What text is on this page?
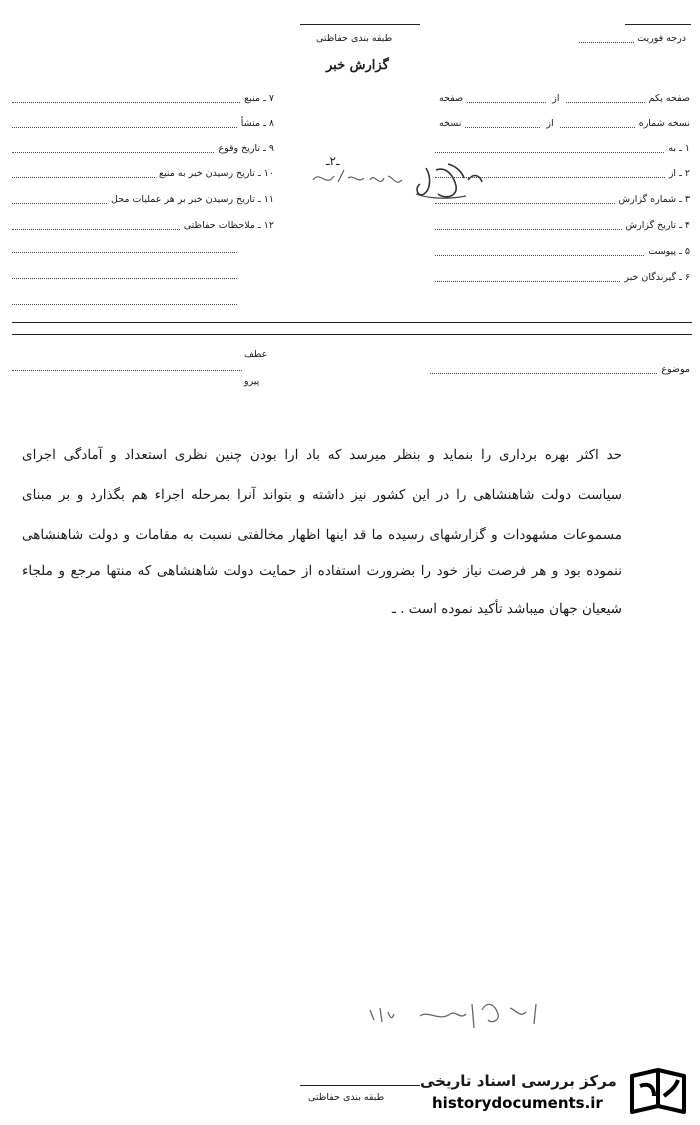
طبقه بندی حفاظتی	درجه فوریت
گزارش خبر
صفحه یکم
از
صفحه
نسخه شماره
از
نسخه
۱ ـ به
۲ ـ از
۳ ـ شماره گزارش
۴ ـ تاریخ گزارش
۵ ـ پیوست
۶ ـ گیرندگان خبر
۷ ـ منبع
۸ ـ منشأ
۹ ـ تاریخ وقوع
۱۰ ـ تاریخ رسیدن خبر به منبع
۱۱ ـ تاریخ رسیدن خبر بر هر عملیات محل
۱۲ ـ ملاحظات حفاظتی
ـ۲ـ
موضوع
عطف
پیرو
حد اکثر بهره برداری را بنماید و بنظر میرسد که باد ارا بودن چنین نظری استعداد و آمادگی اجرای
سیاست دولت شاهنشاهی را در این کشور نیز داشته و بتواند آنرا بمرحله اجراء هم بگذارد و بر مبنای
مسموعات مشهودات و گزارشهای رسیده ما قد اینها اظهار مخالفتی نسبت به مقامات و دولت شاهنشاهی
ننموده بود و هر فرصت نیاز خود را بضرورت استفاده از حمایت دولت شاهنشاهی که منتها مرجع و ملجاء
شیعیان جهان میباشد تأکید نموده است . ـ
طبقه بندی حفاظتی
مرکز بررسی اسناد تاریخی
historydocuments.ir
